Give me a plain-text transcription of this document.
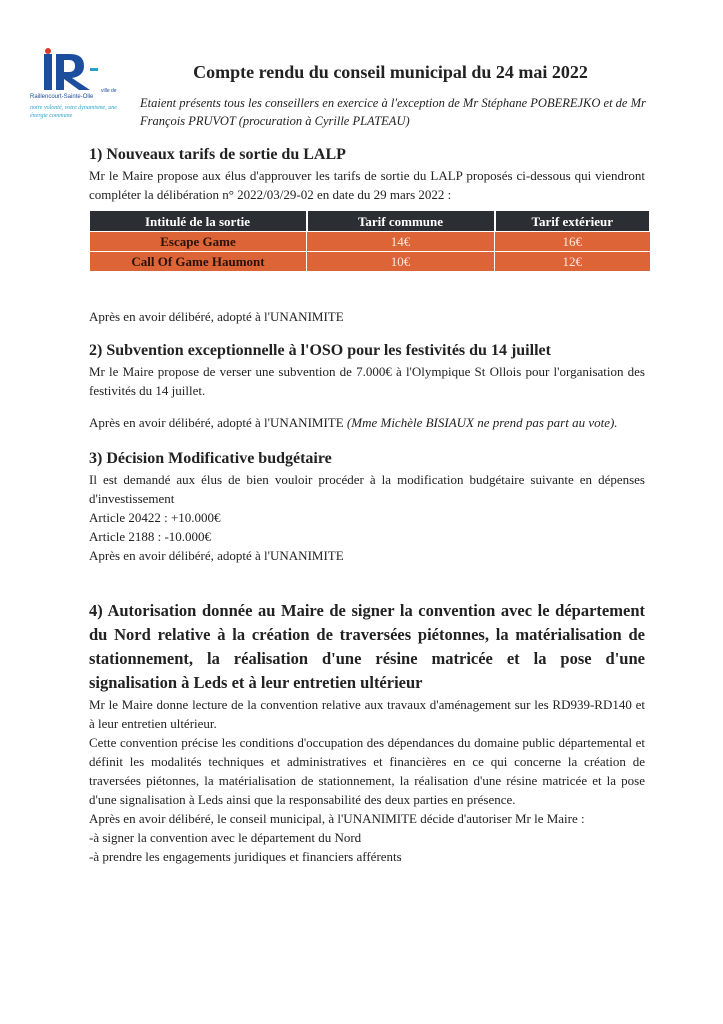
ville de
Raillencourt-Sainte-Olle
notre volonté, votre dynamisme, une énergie commune
Compte rendu du conseil municipal du 24 mai 2022
Etaient présents tous les conseillers en exercice à l'exception de Mr Stéphane POBEREJKO et de Mr François PRUVOT (procuration à Cyrille PLATEAU)
1) Nouveaux tarifs de sortie du LALP

Mr le Maire propose aux élus d'approuver les tarifs de sortie du LALP proposés ci-dessous qui viendront compléter la délibération n° 2022/03/29-02 en date du 29 mars 2022 :

Intitulé de la sortie	Tarif commune	Tarif extérieur
Escape Game	14€	16€
Call Of Game Haumont	10€	12€

Après en avoir délibéré, adopté à l'UNANIMITE

2) Subvention exceptionnelle à l'OSO pour les festivités du 14 juillet

Mr le Maire propose de verser une subvention de 7.000€ à l'Olympique St Ollois pour l'organisation des festivités du 14 juillet.

Après en avoir délibéré, adopté à l'UNANIMITE (Mme Michèle BISIAUX ne prend pas part au vote).

3) Décision Modificative budgétaire

Il est demandé aux élus de bien vouloir procéder à la modification budgétaire suivante en dépenses d'investissement

Article 20422 : +10.000€

Article 2188 : -10.000€

Après en avoir délibéré, adopté à l'UNANIMITE

4) Autorisation donnée au Maire de signer la convention avec le département du Nord relative à la création de traversées piétonnes, la matérialisation de stationnement, la réalisation d'une résine matricée et la pose d'une signalisation à Leds et à leur entretien ultérieur

Mr le Maire donne lecture de la convention relative aux travaux d'aménagement sur les RD939-RD140 et à leur entretien ultérieur.

Cette convention précise les conditions d'occupation des dépendances du domaine public départemental et définit les modalités techniques et administratives et financières en ce qui concerne la création de traversées piétonnes, la matérialisation de stationnement, la réalisation d'une résine matricée et la pose d'une signalisation à Leds ainsi que la responsabilité des deux parties en présence.

Après en avoir délibéré, le conseil municipal, à l'UNANIMITE décide d'autoriser Mr le Maire :

-à signer la convention avec le département du Nord

-à prendre les engagements juridiques et financiers afférents
